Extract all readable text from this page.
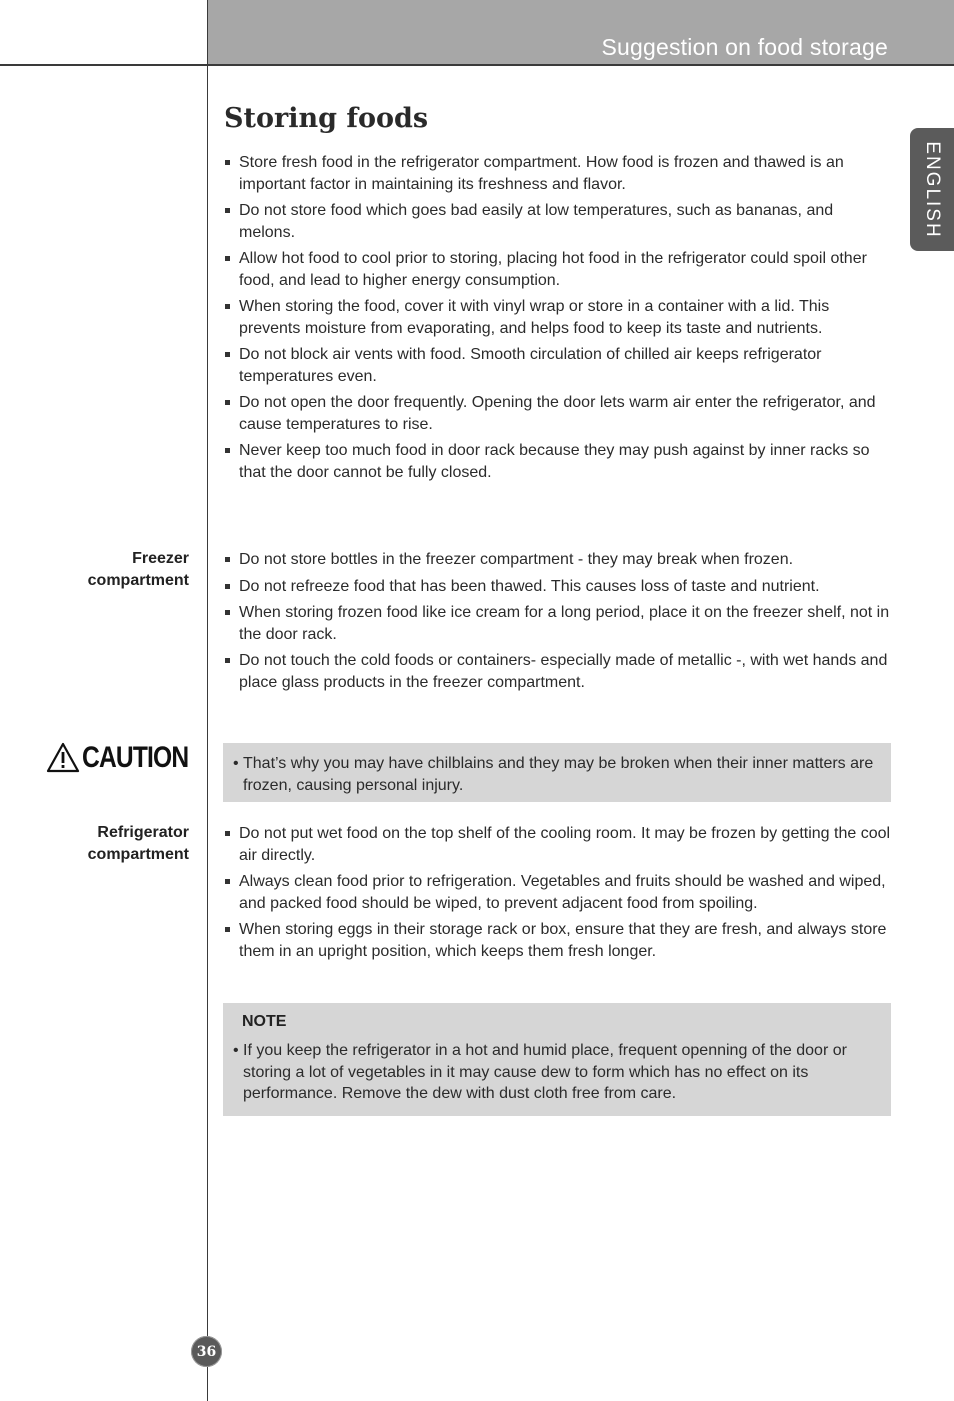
Suggestion on food storage
ENGLISH
Storing foods
Store fresh food in the refrigerator compartment. How food is frozen and thawed is an important factor in maintaining its freshness and flavor.
Do not store food which goes bad easily at low temperatures, such as bananas, and melons.
Allow hot food to cool prior to storing, placing hot food in the refrigerator could spoil other food, and lead to higher energy consumption.
When storing the food, cover it with vinyl wrap or store in a container with a lid. This prevents moisture from evaporating, and helps food to keep its taste and nutrients.
Do not block air vents with food. Smooth circulation of chilled air keeps refrigerator temperatures even.
Do not open the door frequently. Opening the door lets warm air enter the refrigerator, and cause temperatures to rise.
Never keep too much food in door rack because they may push against by inner racks so that the door cannot be fully closed.
Freezer
compartment
Do not store bottles in the freezer compartment - they may break when frozen.
Do not refreeze food that has been thawed. This causes loss of taste and nutrient.
When storing frozen food like ice cream for a long period, place it on the freezer shelf, not in the door rack.
Do not touch the cold foods or containers- especially made of metallic -, with wet hands and place glass products in the freezer compartment.
CAUTION
•	That’s why you may have chilblains and they may be broken when their inner matters are frozen, causing personal injury.
Refrigerator
compartment
Do not put wet food on the top shelf of the cooling room. It may be frozen by getting the cool air directly.
Always clean food prior to refrigeration. Vegetables and fruits should be washed and wiped, and packed food should be wiped, to prevent adjacent food from spoiling.
When storing eggs in their storage rack or box, ensure that they are fresh, and always store them in an upright position, which keeps them fresh longer.
NOTE
• If you keep the refrigerator in a hot and humid place, frequent openning of the door or storing a lot of vegetables in it may cause dew to form which has no effect on its performance. Remove the dew with dust cloth free from care.
36
